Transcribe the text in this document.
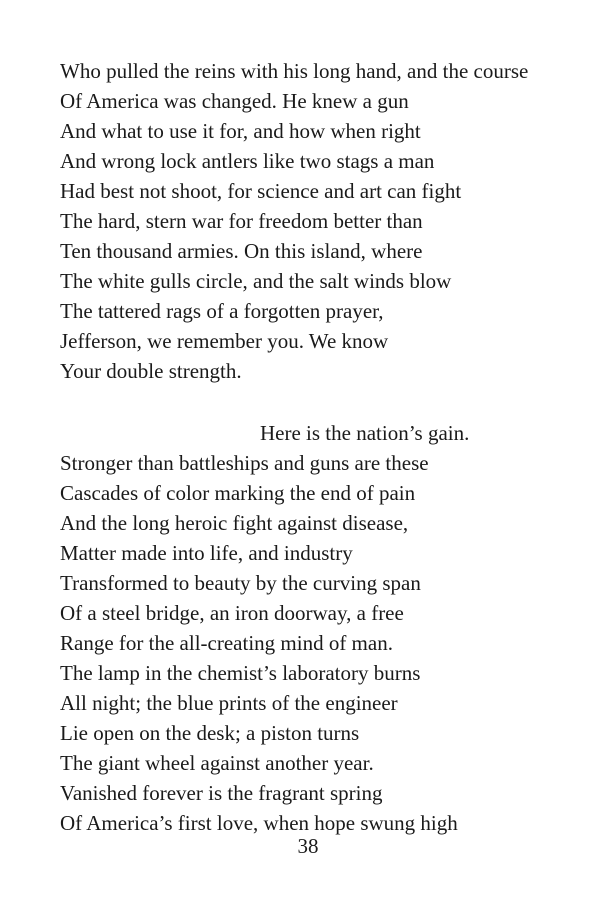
Who pulled the reins with his long hand, and the course
Of America was changed. He knew a gun
And what to use it for, and how when right
And wrong lock antlers like two stags a man
Had best not shoot, for science and art can fight
The hard, stern war for freedom better than
Ten thousand armies. On this island, where
The white gulls circle, and the salt winds blow
The tattered rags of a forgotten prayer,
Jefferson, we remember you. We know
Your double strength.
Here is the nation’s gain.
Stronger than battleships and guns are these
Cascades of color marking the end of pain
And the long heroic fight against disease,
Matter made into life, and industry
Transformed to beauty by the curving span
Of a steel bridge, an iron doorway, a free
Range for the all-creating mind of man.
The lamp in the chemist’s laboratory burns
All night; the blue prints of the engineer
Lie open on the desk; a piston turns
The giant wheel against another year.
Vanished forever is the fragrant spring
Of America’s first love, when hope swung high
38
